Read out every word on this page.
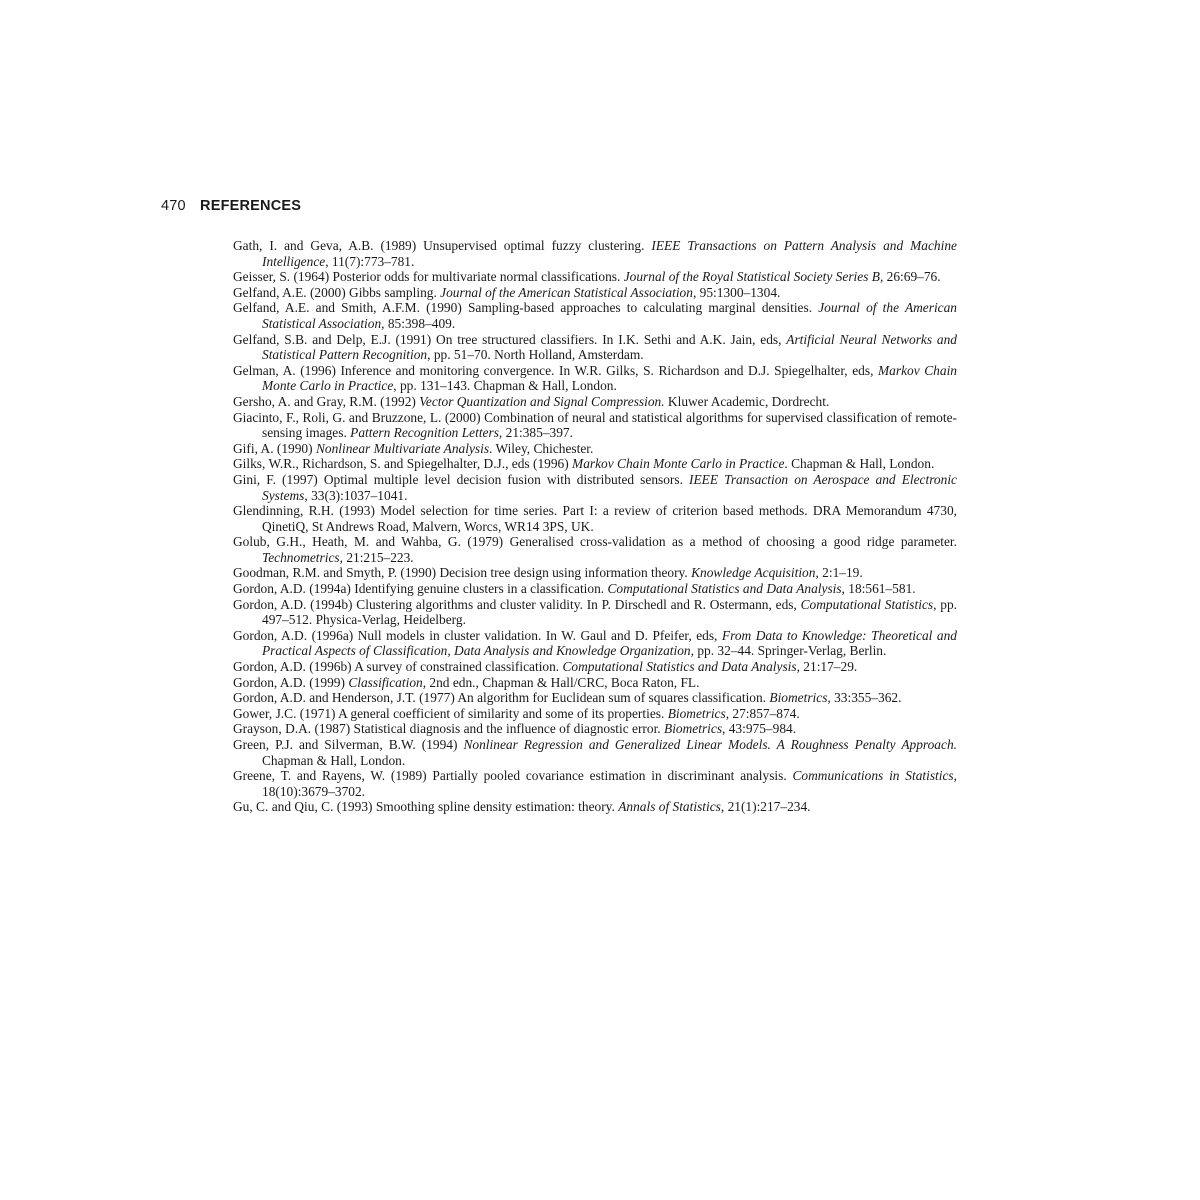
470 REFERENCES

Gath, I. and Geva, A.B. (1989) Unsupervised optimal fuzzy clustering. IEEE Transactions on Pattern Analysis and Machine Intelligence, 11(7):773–781.

Geisser, S. (1964) Posterior odds for multivariate normal classifications. Journal of the Royal Statistical Society Series B, 26:69–76.

Gelfand, A.E. (2000) Gibbs sampling. Journal of the American Statistical Association, 95:1300–1304.

Gelfand, A.E. and Smith, A.F.M. (1990) Sampling-based approaches to calculating marginal densities. Journal of the American Statistical Association, 85:398–409.

Gelfand, S.B. and Delp, E.J. (1991) On tree structured classifiers. In I.K. Sethi and A.K. Jain, eds, Artificial Neural Networks and Statistical Pattern Recognition, pp. 51–70. North Holland, Amsterdam.

Gelman, A. (1996) Inference and monitoring convergence. In W.R. Gilks, S. Richardson and D.J. Spiegelhalter, eds, Markov Chain Monte Carlo in Practice, pp. 131–143. Chapman & Hall, London.

Gersho, A. and Gray, R.M. (1992) Vector Quantization and Signal Compression. Kluwer Academic, Dordrecht.

Giacinto, F., Roli, G. and Bruzzone, L. (2000) Combination of neural and statistical algorithms for supervised classification of remote-sensing images. Pattern Recognition Letters, 21:385–397.

Gifi, A. (1990) Nonlinear Multivariate Analysis. Wiley, Chichester.

Gilks, W.R., Richardson, S. and Spiegelhalter, D.J., eds (1996) Markov Chain Monte Carlo in Practice. Chapman & Hall, London.

Gini, F. (1997) Optimal multiple level decision fusion with distributed sensors. IEEE Transaction on Aerospace and Electronic Systems, 33(3):1037–1041.

Glendinning, R.H. (1993) Model selection for time series. Part I: a review of criterion based methods. DRA Memorandum 4730, QinetiQ, St Andrews Road, Malvern, Worcs, WR14 3PS, UK.

Golub, G.H., Heath, M. and Wahba, G. (1979) Generalised cross-validation as a method of choosing a good ridge parameter. Technometrics, 21:215–223.

Goodman, R.M. and Smyth, P. (1990) Decision tree design using information theory. Knowledge Acquisition, 2:1–19.

Gordon, A.D. (1994a) Identifying genuine clusters in a classification. Computational Statistics and Data Analysis, 18:561–581.

Gordon, A.D. (1994b) Clustering algorithms and cluster validity. In P. Dirschedl and R. Ostermann, eds, Computational Statistics, pp. 497–512. Physica-Verlag, Heidelberg.

Gordon, A.D. (1996a) Null models in cluster validation. In W. Gaul and D. Pfeifer, eds, From Data to Knowledge: Theoretical and Practical Aspects of Classification, Data Analysis and Knowledge Organization, pp. 32–44. Springer-Verlag, Berlin.

Gordon, A.D. (1996b) A survey of constrained classification. Computational Statistics and Data Analysis, 21:17–29.

Gordon, A.D. (1999) Classification, 2nd edn., Chapman & Hall/CRC, Boca Raton, FL.

Gordon, A.D. and Henderson, J.T. (1977) An algorithm for Euclidean sum of squares classification. Biometrics, 33:355–362.

Gower, J.C. (1971) A general coefficient of similarity and some of its properties. Biometrics, 27:857–874.

Grayson, D.A. (1987) Statistical diagnosis and the influence of diagnostic error. Biometrics, 43:975–984.

Green, P.J. and Silverman, B.W. (1994) Nonlinear Regression and Generalized Linear Models. A Roughness Penalty Approach. Chapman & Hall, London.

Greene, T. and Rayens, W. (1989) Partially pooled covariance estimation in discriminant analysis. Communications in Statistics, 18(10):3679–3702.

Gu, C. and Qiu, C. (1993) Smoothing spline density estimation: theory. Annals of Statistics, 21(1):217–234.
